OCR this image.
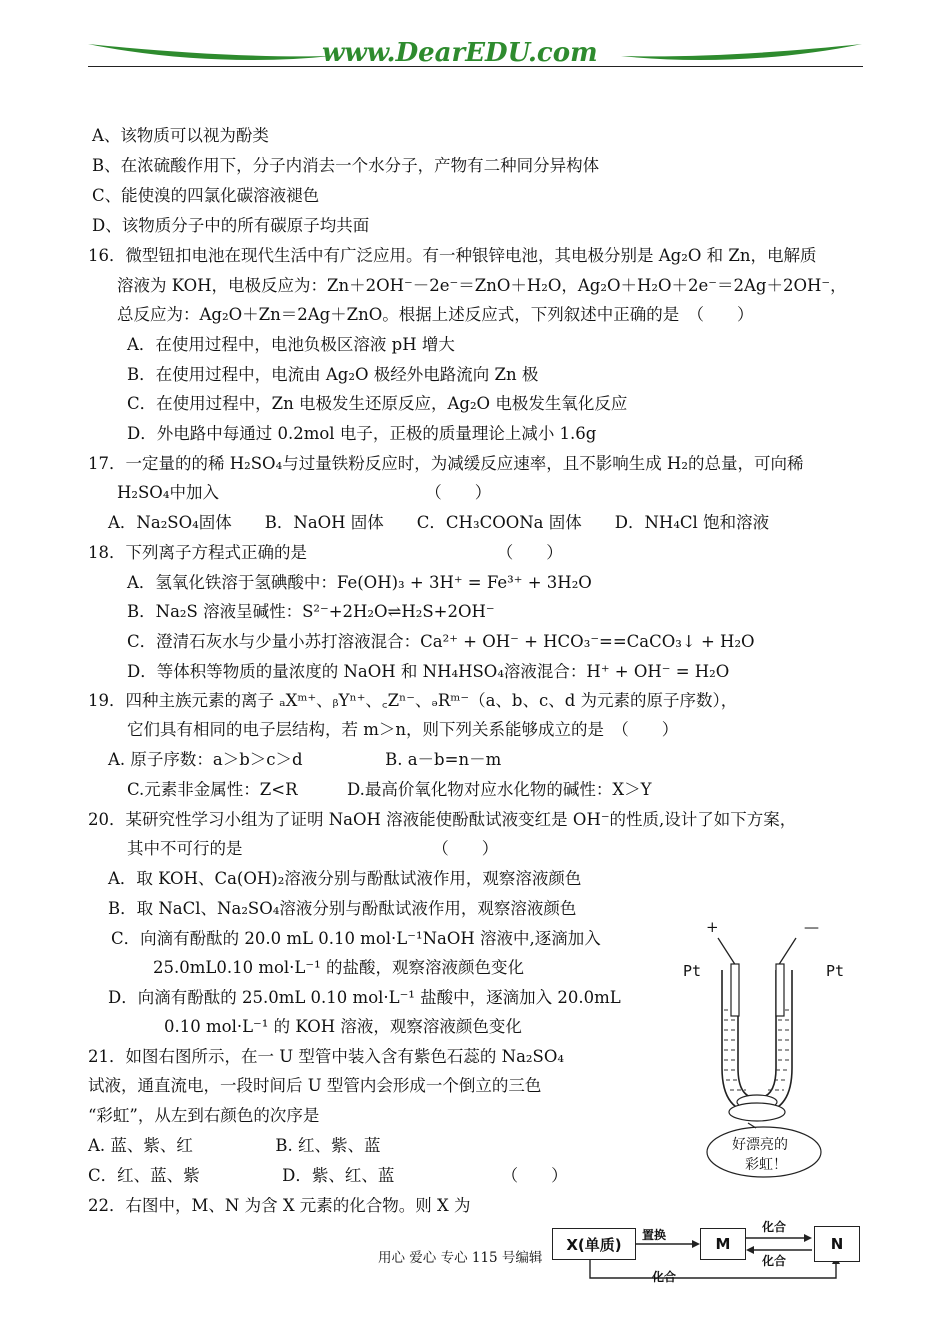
www.DearEDU.com
A、该物质可以视为酚类
B、在浓硫酸作用下，分子内消去一个水分子，产物有二种同分异构体
C、能使溴的四氯化碳溶液褪色
D、该物质分子中的所有碳原子均共面
16．微型钮扣电池在现代生活中有广泛应用。有一种银锌电池，其电极分别是 Ag₂O 和 Zn，电解质
溶液为 KOH，电极反应为：Zn＋2OH⁻－2e⁻＝ZnO＋H₂O，Ag₂O＋H₂O＋2e⁻＝2Ag＋2OH⁻，
总反应为：Ag₂O＋Zn＝2Ag＋ZnO。根据上述反应式，下列叙述中正确的是　（　　）
A．在使用过程中，电池负极区溶液 pH 增大
B．在使用过程中，电流由 Ag₂O 极经外电路流向 Zn 极
C．在使用过程中，Zn 电极发生还原反应，Ag₂O 电极发生氧化反应
D．外电路中每通过 0.2mol 电子，正极的质量理论上减小 1.6g
17．一定量的的稀 H₂SO₄与过量铁粉反应时，为减缓反应速率，且不影响生成 H₂的总量，可向稀
H₂SO₄中加入　　　　　　　　　　　　　（　　）
A．Na₂SO₄固体　　B．NaOH 固体　　C．CH₃COONa 固体　　D．NH₄Cl 饱和溶液
18．下列离子方程式正确的是　　　　　　　　　　　　（　　）
A．氢氧化铁溶于氢碘酸中：Fe(OH)₃ + 3H⁺ = Fe³⁺ + 3H₂O
B．Na₂S 溶液呈碱性：S²⁻+2H₂O⇌H₂S+2OH⁻
C．澄清石灰水与少量小苏打溶液混合：Ca²⁺ + OH⁻ + HCO₃⁻==CaCO₃↓ + H₂O
D．等体积等物质的量浓度的 NaOH 和 NH₄HSO₄溶液混合：H⁺ + OH⁻ = H₂O
19．四种主族元素的离子 ₐXᵐ⁺、ᵦYⁿ⁺、꜀Zⁿ⁻、ₔRᵐ⁻（a、b、c、d 为元素的原子序数），
它们具有相同的电子层结构，若 m＞n，则下列关系能够成立的是　（　　）
A. 原子序数：a＞b＞c＞d　　　　　B. a－b=n－m
C.元素非金属性：Z<R　　　D.最高价氧化物对应水化物的碱性：X＞Y
20．某研究性学习小组为了证明 NaOH 溶液能使酚酞试液变红是 OH⁻的性质,设计了如下方案，
其中不可行的是　　　　　　　　　　　　（　　）
A．取 KOH、Ca(OH)₂溶液分别与酚酞试液作用，观察溶液颜色
B．取 NaCl、Na₂SO₄溶液分别与酚酞试液作用，观察溶液颜色
C．向滴有酚酞的 20.0 mL 0.10 mol·L⁻¹NaOH 溶液中,逐滴加入
25.0mL0.10 mol·L⁻¹ 的盐酸，观察溶液颜色变化
D．向滴有酚酞的 25.0mL 0.10 mol·L⁻¹ 盐酸中，逐滴加入 20.0mL
0.10 mol·L⁻¹ 的 KOH 溶液，观察溶液颜色变化
21．如图右图所示，在一 U 型管中装入含有紫色石蕊的 Na₂SO₄
试液，通直流电，一段时间后 U 型管内会形成一个倒立的三色
“彩虹”，从左到右颜色的次序是
A. 蓝、紫、红　　　　　B. 红、紫、蓝
C．红、蓝、紫　　　　　D．紫、红、蓝　　　　　　　（　　）
22．右图中，M、N 为含 X 元素的化合物。则 X 为
+	—
Pt	Pt
好漂亮的
彩虹！
X(单质)	M	N
置换
化合
化合
化合
用心 爱心 专心 115 号编辑
